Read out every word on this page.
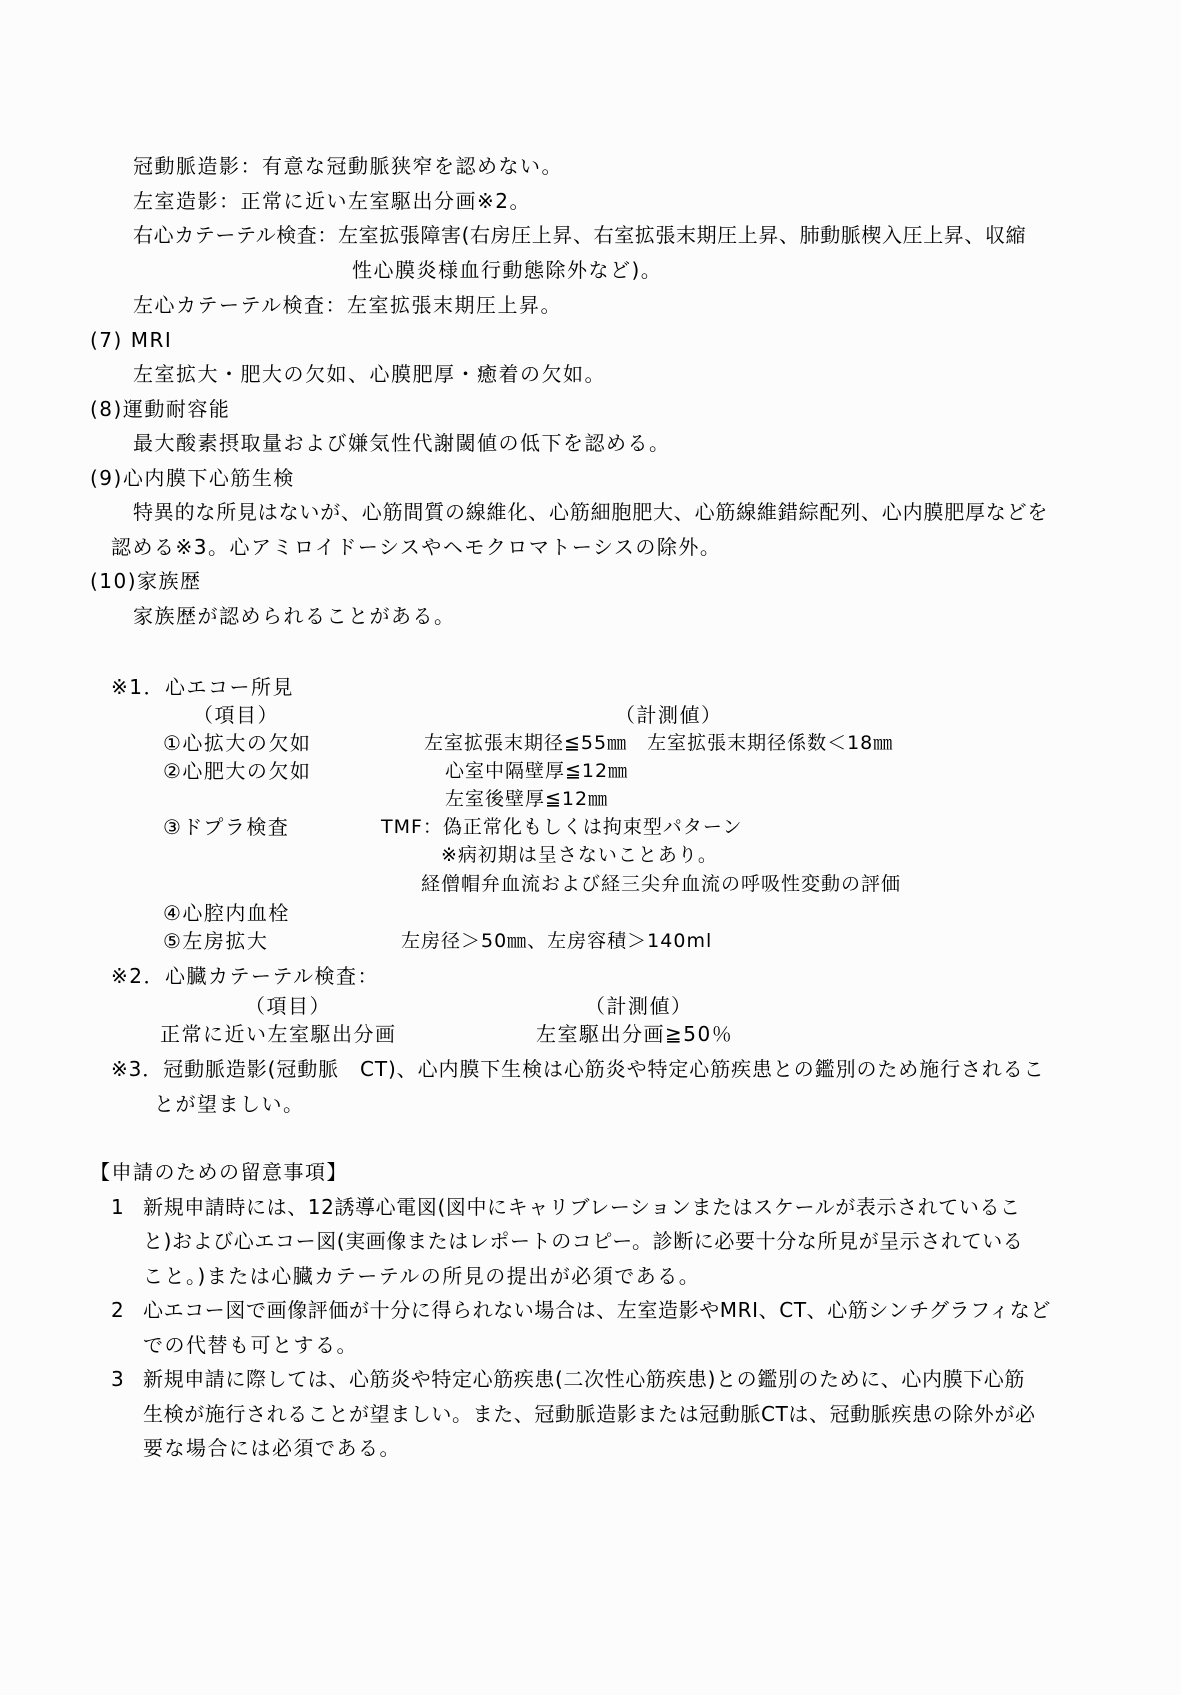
冠動脈造影：有意な冠動脈狭窄を認めない。
左室造影：正常に近い左室駆出分画※2。
右心カテーテル検査：左室拡張障害(右房圧上昇、右室拡張末期圧上昇、肺動脈楔入圧上昇、収縮
性心膜炎様血行動態除外など)。
左心カテーテル検査：左室拡張末期圧上昇。
(7) MRI
左室拡大・肥大の欠如、心膜肥厚・癒着の欠如。
(8)運動耐容能
最大酸素摂取量および嫌気性代謝閾値の低下を認める。
(9)心内膜下心筋生検
特異的な所見はないが、心筋間質の線維化、心筋細胞肥大、心筋線維錯綜配列、心内膜肥厚などを
認める※3。心アミロイドーシスやヘモクロマトーシスの除外。
(10)家族歴
家族歴が認められることがある。
※1．心エコー所見
（項目）	（計測値）
①心拡大の欠如	左室拡張末期径≦55㎜　左室拡張末期径係数＜18㎜
②心肥大の欠如	心室中隔壁厚≦12㎜
左室後壁厚≦12㎜
③ドプラ検査	TMF：偽正常化もしくは拘束型パターン
※病初期は呈さないことあり。
経僧帽弁血流および経三尖弁血流の呼吸性変動の評価
④心腔内血栓
⑤左房拡大	左房径＞50㎜、左房容積＞140ml
※2．心臓カテーテル検査：
（項目）	（計測値）
正常に近い左室駆出分画	左室駆出分画≧50％
※3．冠動脈造影(冠動脈　CT)、心内膜下生検は心筋炎や特定心筋疾患との鑑別のため施行されるこ
とが望ましい。
【申請のための留意事項】
1 新規申請時には、12誘導心電図(図中にキャリブレーションまたはスケールが表示されているこ
と)および心エコー図(実画像またはレポートのコピー。診断に必要十分な所見が呈示されている
こと。)または心臓カテーテルの所見の提出が必須である。
2 心エコー図で画像評価が十分に得られない場合は、左室造影やMRI、CT、心筋シンチグラフィなど
での代替も可とする。
3 新規申請に際しては、心筋炎や特定心筋疾患(二次性心筋疾患)との鑑別のために、心内膜下心筋
生検が施行されることが望ましい。また、冠動脈造影または冠動脈CTは、冠動脈疾患の除外が必
要な場合には必須である。
